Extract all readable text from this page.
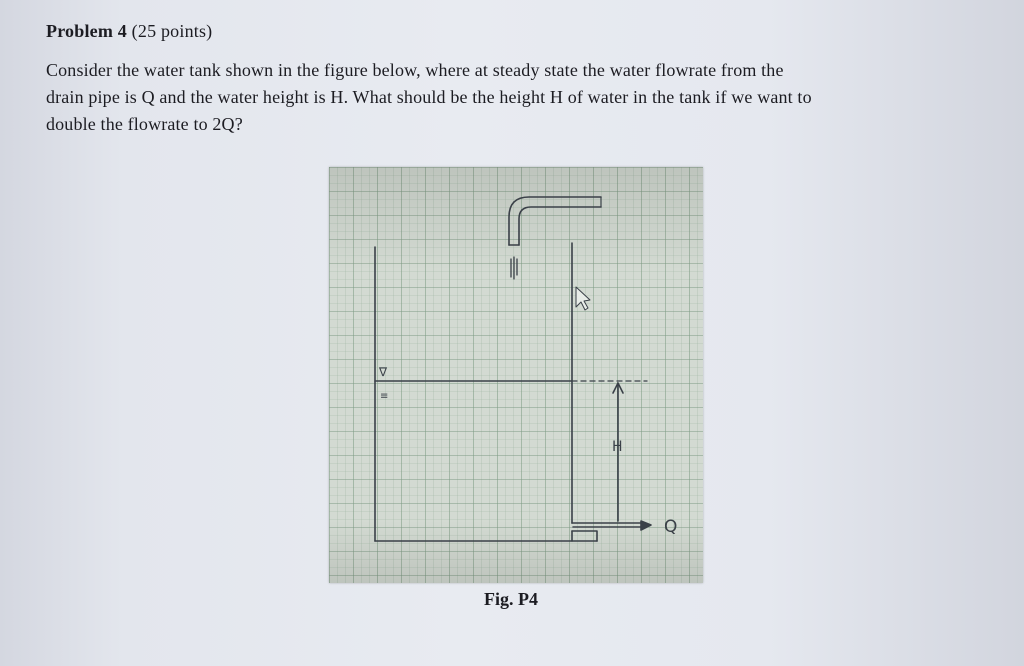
Problem 4 (25 points)
Consider the water tank shown in the figure below, where at steady state the water flowrate from the
drain pipe is Q and the water height is H. What should be the height H of water in the tank if we want to
double the flowrate to 2Q?
∇
≡
H
Q
Fig. P4
